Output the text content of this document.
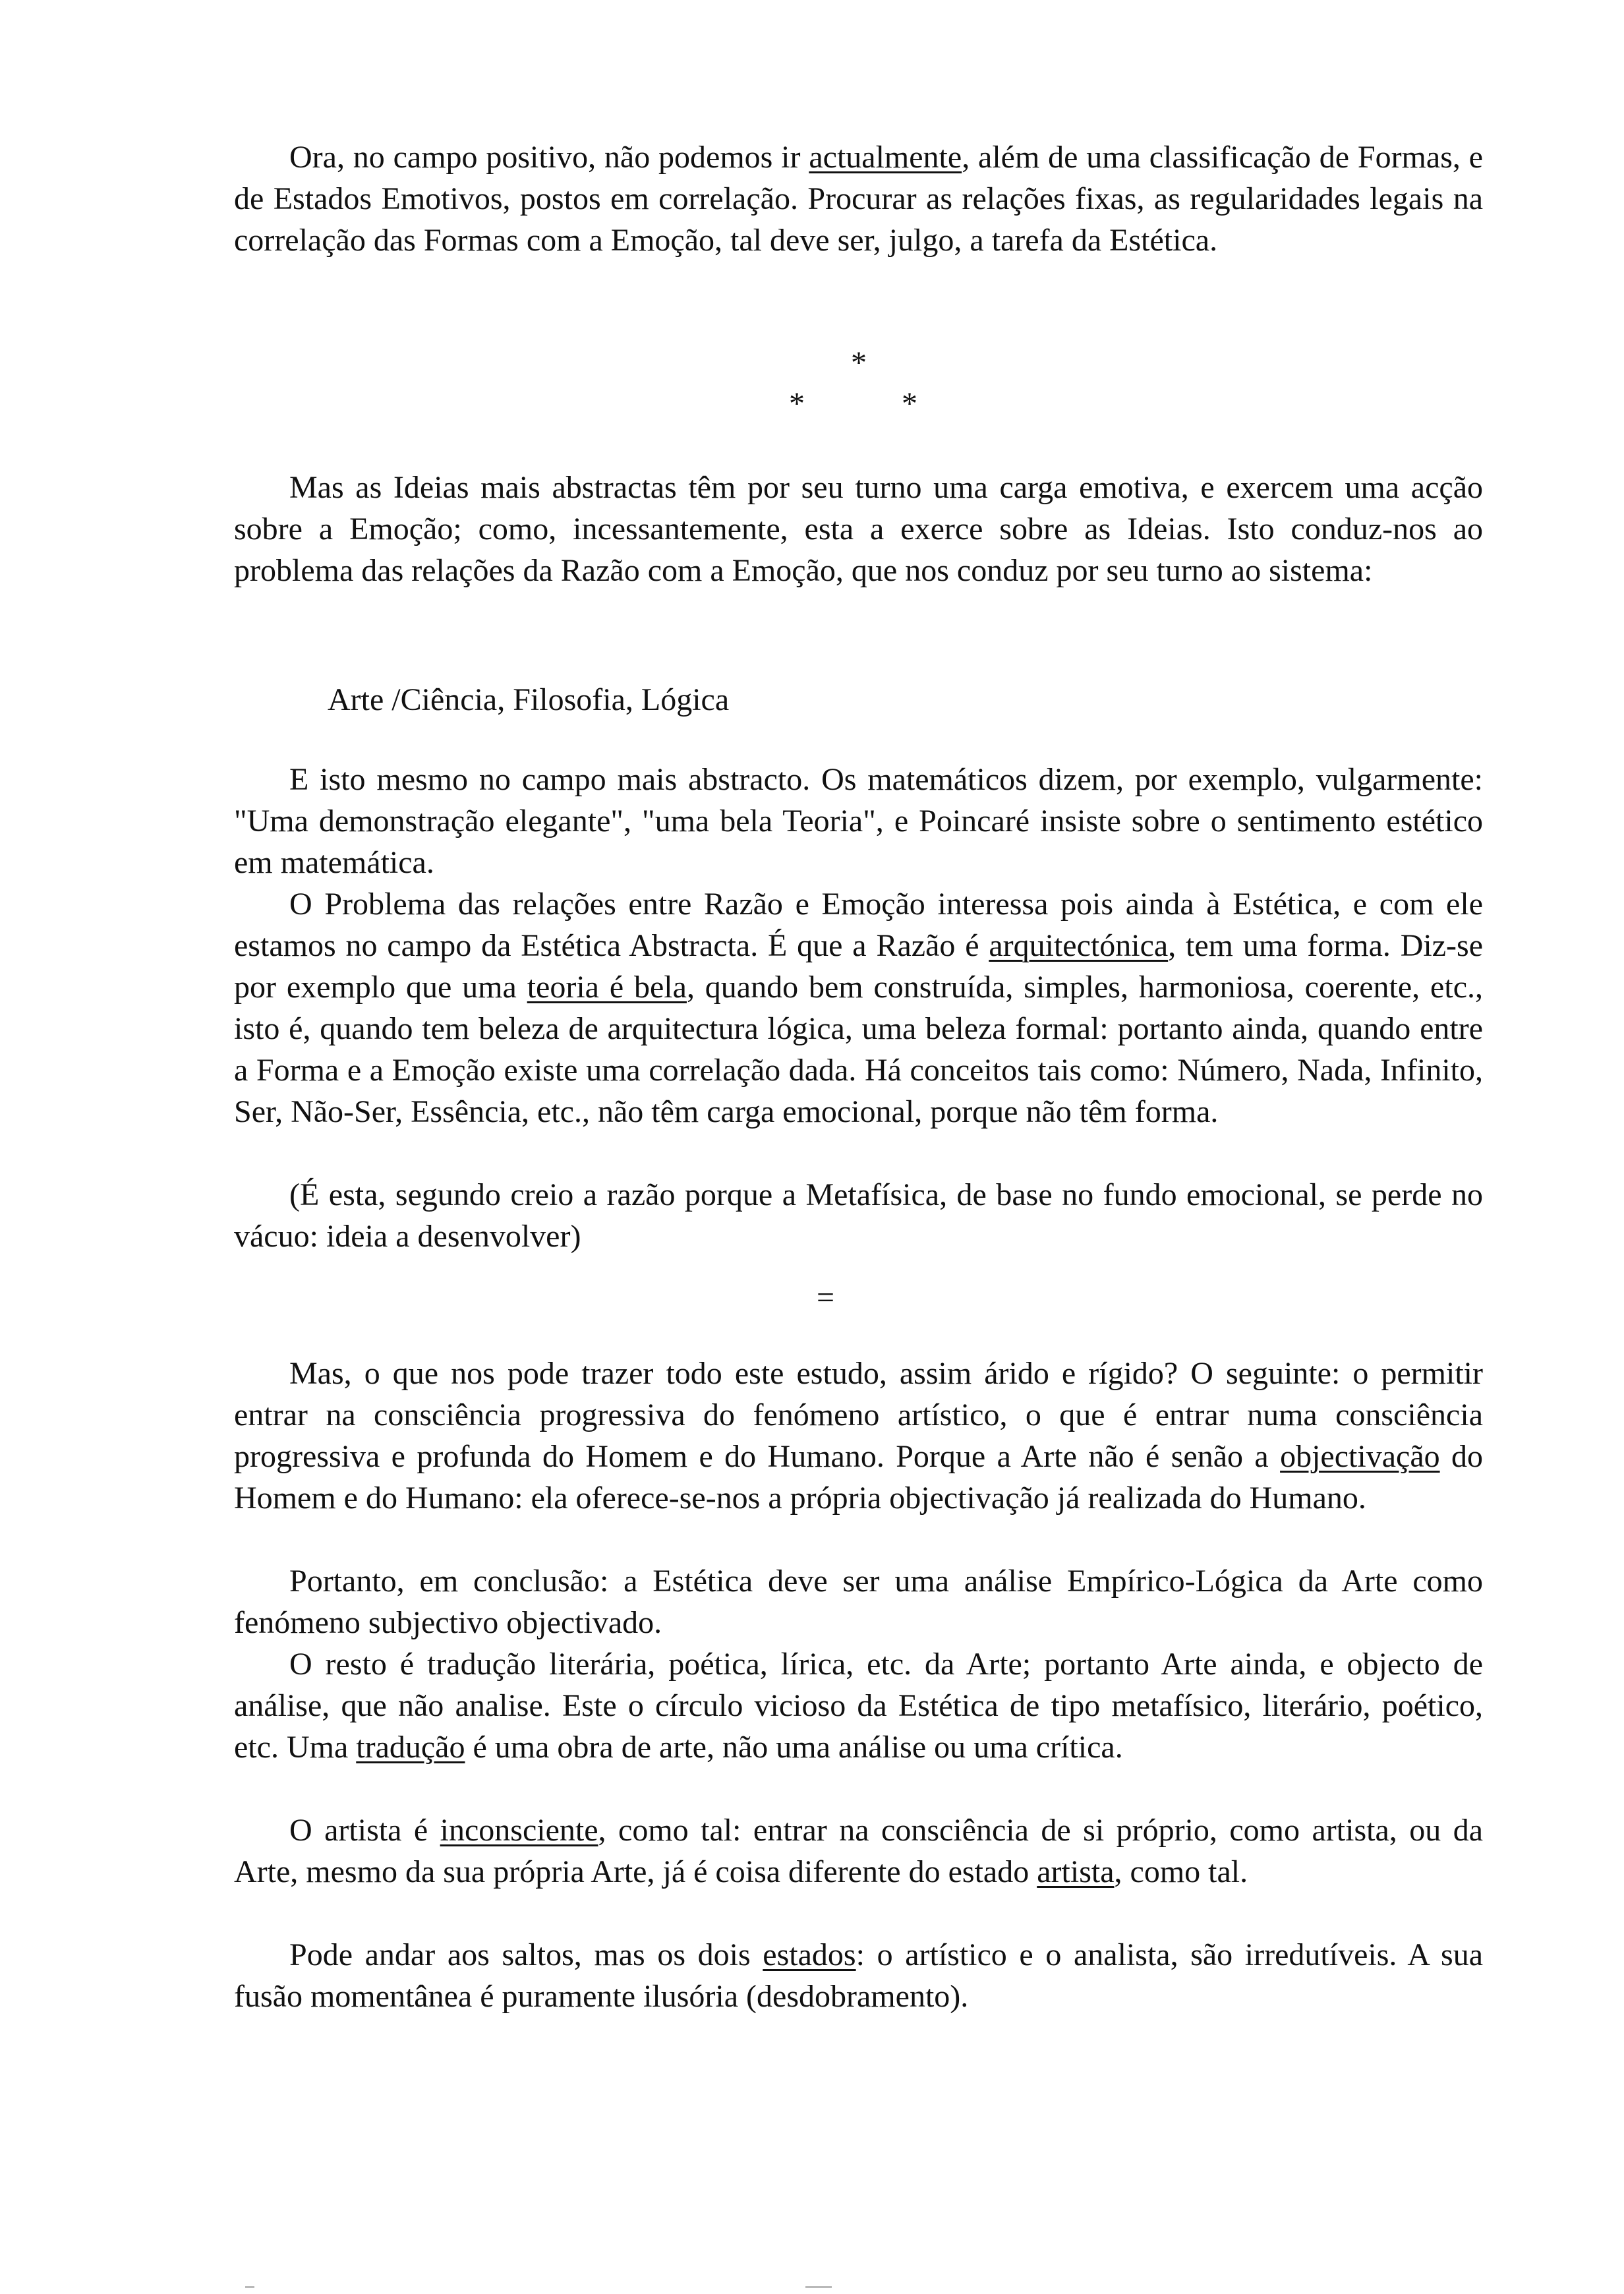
Ora, no campo positivo, não podemos ir actualmente, além de uma classificação de Formas, e de Estados Emotivos, postos em correlação. Procurar as relações fixas, as regularidades legais na correlação das Formas com a Emoção, tal deve ser, julgo, a tarefa da Estética.

*
*	*

Mas as Ideias mais abstractas têm por seu turno uma carga emotiva, e exercem uma acção sobre a Emoção; como, incessantemente, esta a exerce sobre as Ideias. Isto conduz-nos ao problema das relações da Razão com a Emoção, que nos conduz por seu turno ao sistema:

Arte /Ciência, Filosofia, Lógica

E isto mesmo no campo mais abstracto. Os matemáticos dizem, por exemplo, vulgarmente: "Uma demonstração elegante", "uma bela Teoria", e Poincaré insiste sobre o sentimento estético em matemática.

O Problema das relações entre Razão e Emoção interessa pois ainda à Estética, e com ele estamos no campo da Estética Abstracta. É que a Razão é arquitectónica, tem uma forma. Diz-se por exemplo que uma teoria é bela, quando bem construída, simples, harmoniosa, coerente, etc., isto é, quando tem beleza de arquitectura lógica, uma beleza formal: portanto ainda, quando entre a Forma e a Emoção existe uma correlação dada. Há conceitos tais como: Número, Nada, Infinito, Ser, Não-Ser, Essência, etc., não têm carga emocional, porque não têm forma.

(É esta, segundo creio a razão porque a Metafísica, de base no fundo emocional, se perde no vácuo: ideia a desenvolver)

=

Mas, o que nos pode trazer todo este estudo, assim árido e rígido? O seguinte: o permitir entrar na consciência progressiva do fenómeno artístico, o que é entrar numa consciência progressiva e profunda do Homem e do Humano. Porque a Arte não é senão a objectivação do Homem e do Humano: ela oferece-se-nos a própria objectivação já realizada do Humano.

Portanto, em conclusão: a Estética deve ser uma análise Empírico-Lógica da Arte como fenómeno subjectivo objectivado.

O resto é tradução literária, poética, lírica, etc. da Arte; portanto Arte ainda, e objecto de análise, que não analise. Este o círculo vicioso da Estética de tipo metafísico, literário, poético, etc. Uma tradução é uma obra de arte, não uma análise ou uma crítica.

O artista é inconsciente, como tal: entrar na consciência de si próprio, como artista, ou da Arte, mesmo da sua própria Arte, já é coisa diferente do estado artista, como tal.

Pode andar aos saltos, mas os dois estados: o artístico e o analista, são irredutíveis. A sua fusão momentânea é puramente ilusória (desdobramento).
